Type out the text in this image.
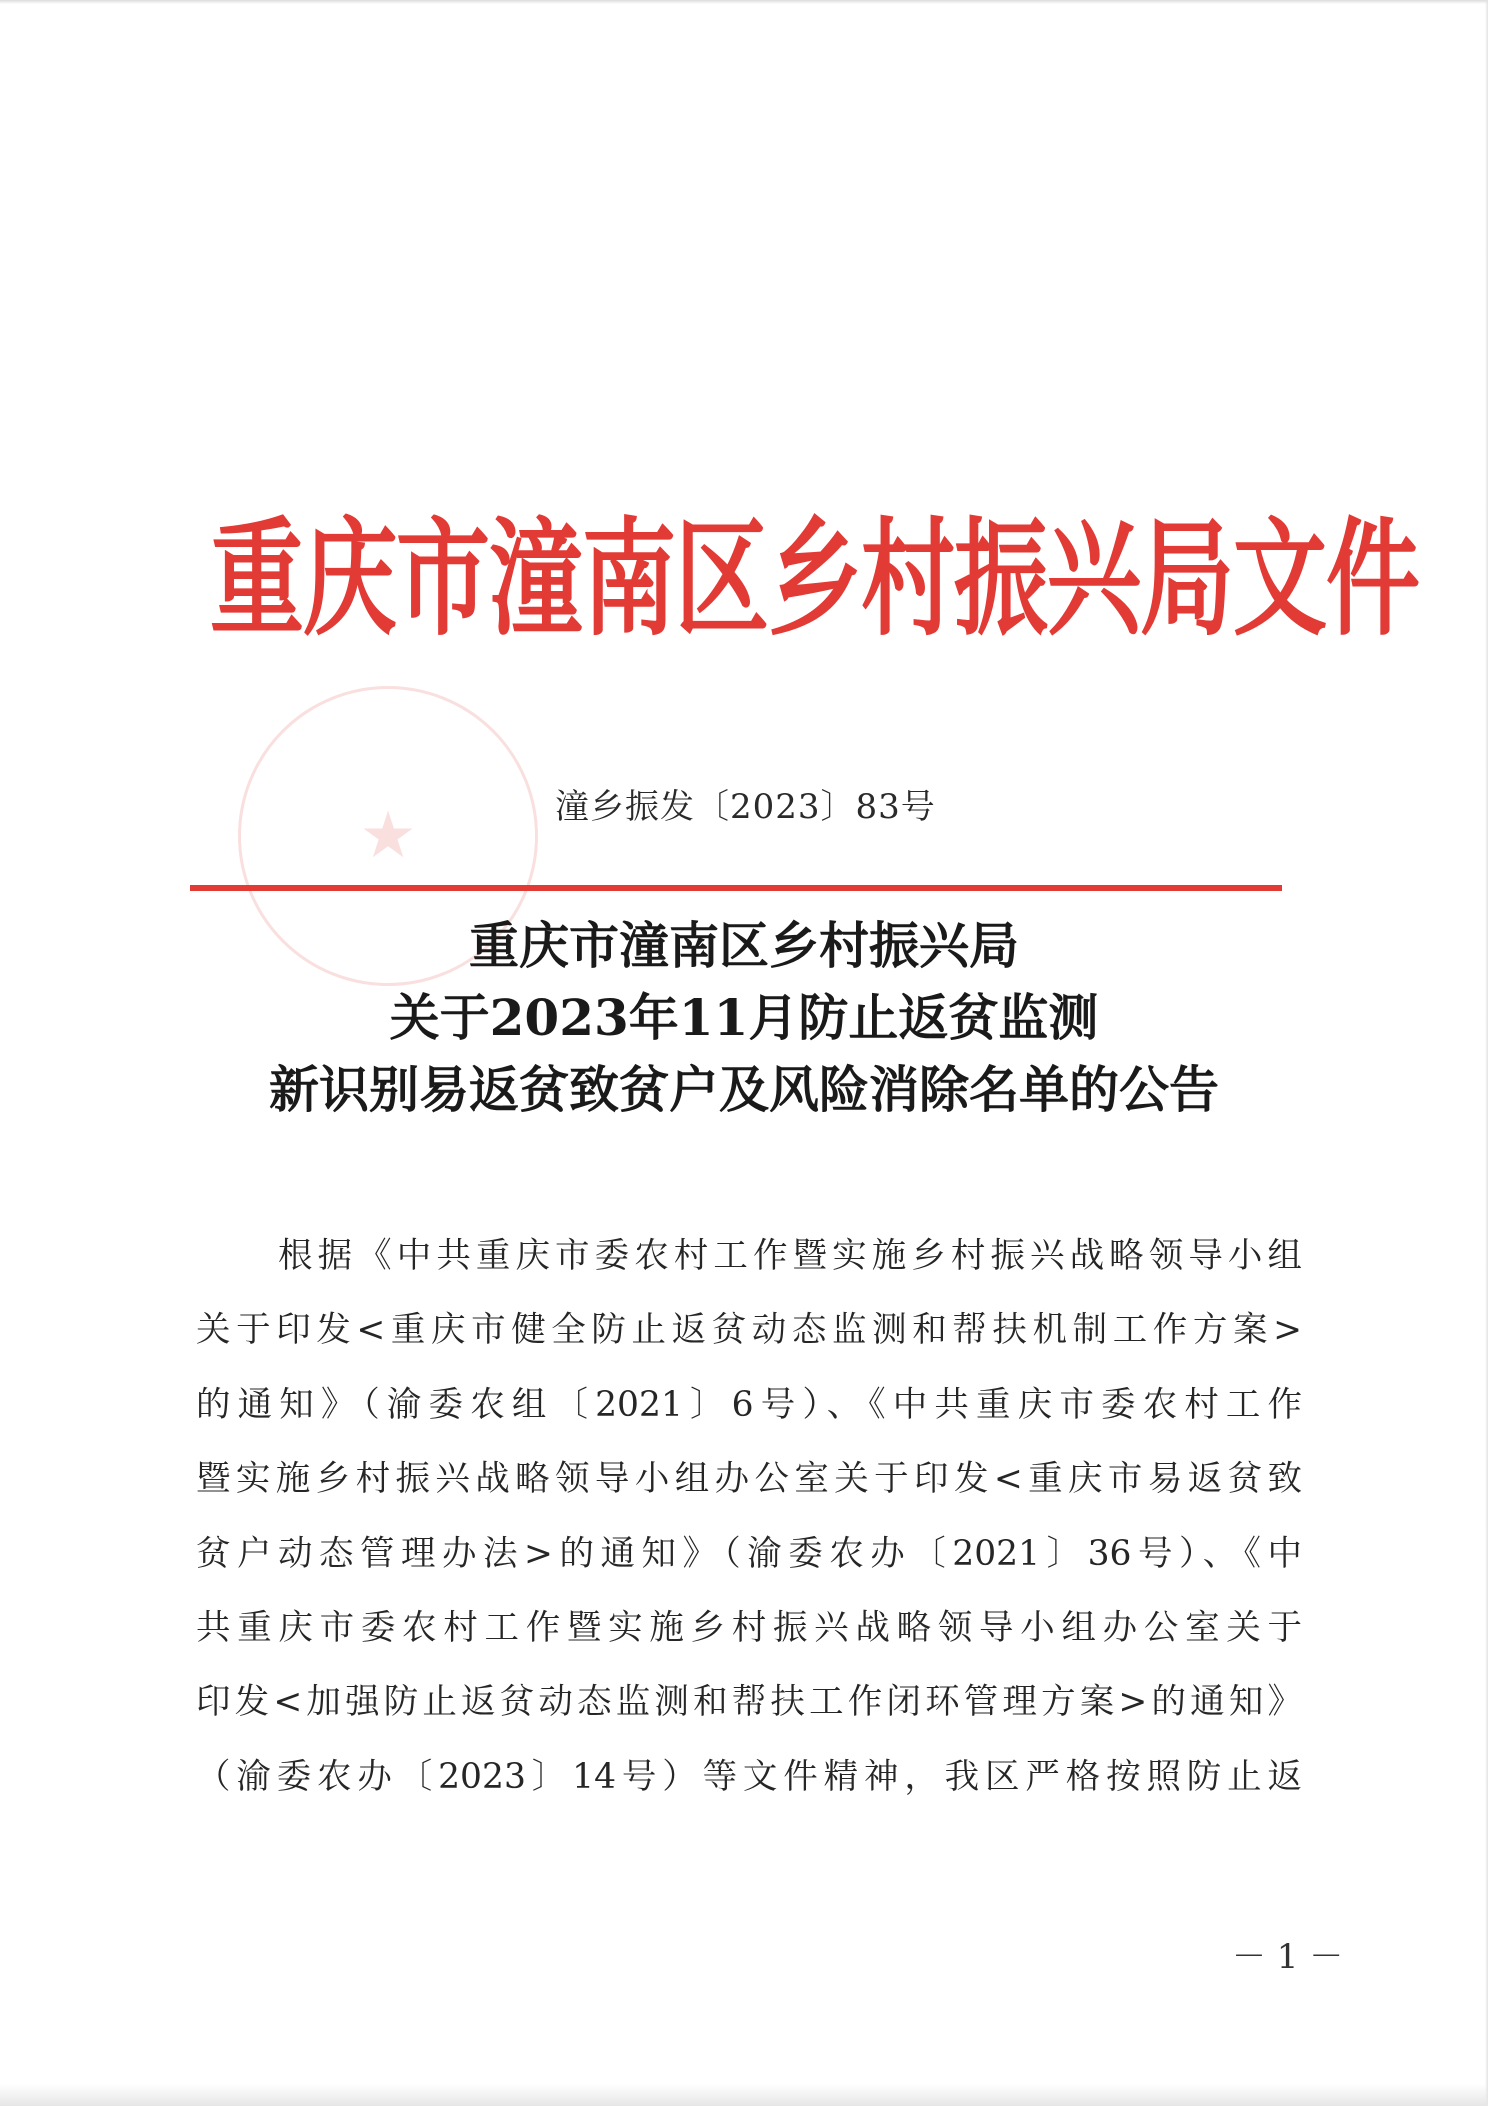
★
重庆市潼南区乡村振兴局文件
潼乡振发〔2023〕83号
重庆市潼南区乡村振兴局
关于2023年11月防止返贫监测
新识别易返贫致贫户及风险消除名单的公告
根据《中共重庆市委农村工作暨实施乡村振兴战略领导小组
关于印发<重庆市健全防止返贫动态监测和帮扶机制工作方案>
的通知》（渝委农组〔2021〕6号）、《中共重庆市委农村工作
暨实施乡村振兴战略领导小组办公室关于印发<重庆市易返贫致
贫户动态管理办法>的通知》（渝委农办〔2021〕36号）、《中
共重庆市委农村工作暨实施乡村振兴战略领导小组办公室关于
印发<加强防止返贫动态监测和帮扶工作闭环管理方案>的通知》
（渝委农办〔2023〕14号）等文件精神，我区严格按照防止返
－ 1 －
